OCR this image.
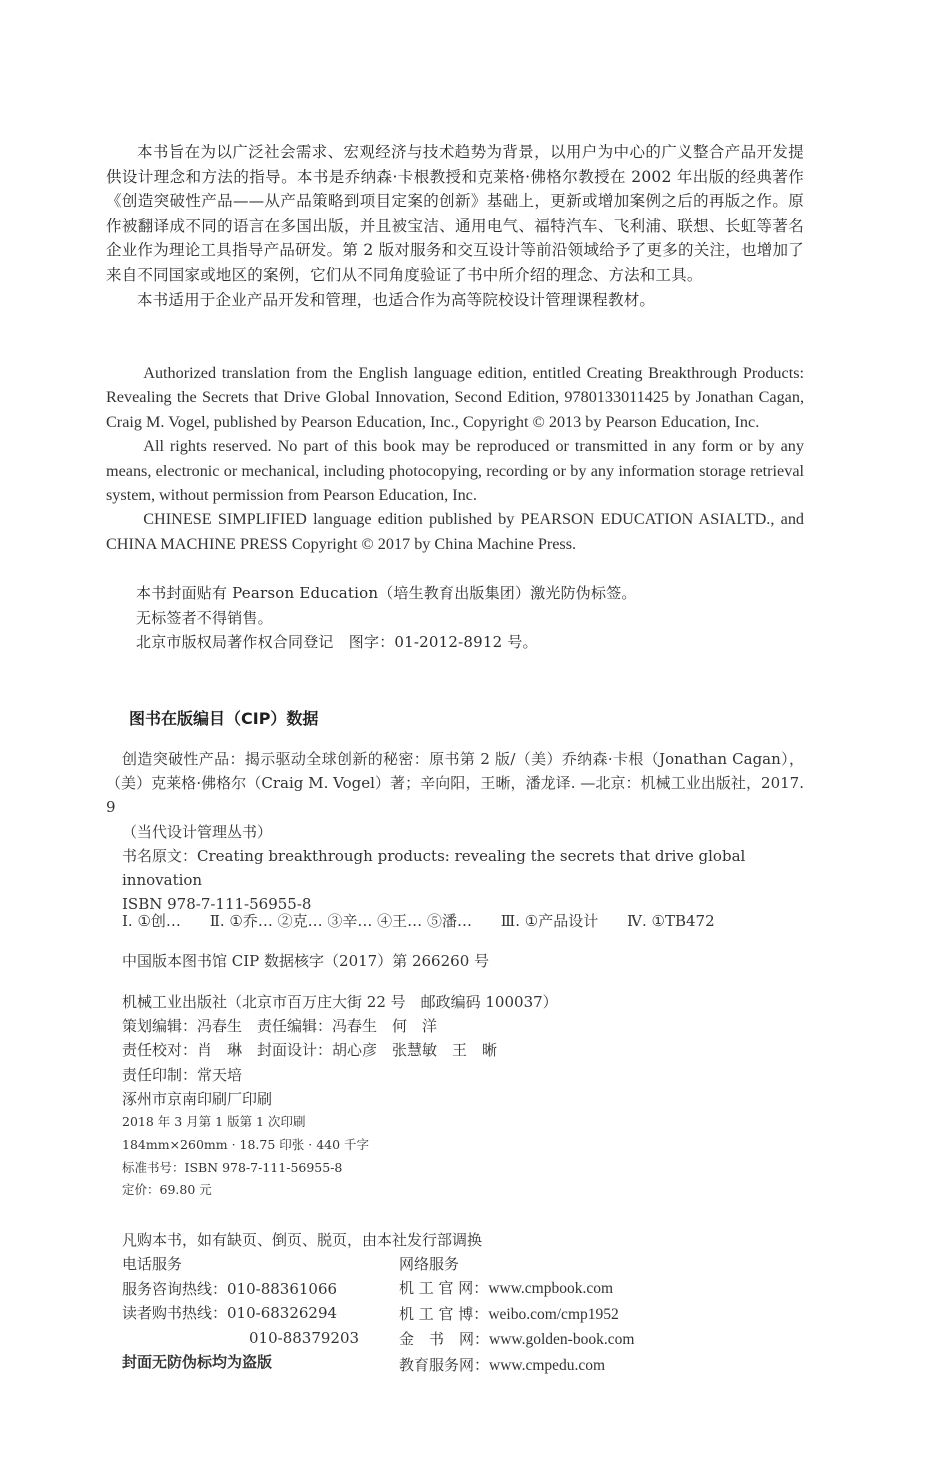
本书旨在为以广泛社会需求、宏观经济与技术趋势为背景，以用户为中心的广义整合产品开发提供设计理念和方法的指导。本书是乔纳森·卡根教授和克莱格·佛格尔教授在 2002 年出版的经典著作《创造突破性产品——从产品策略到项目定案的创新》基础上，更新或增加案例之后的再版之作。原作被翻译成不同的语言在多国出版，并且被宝洁、通用电气、福特汽车、飞利浦、联想、长虹等著名企业作为理论工具指导产品研发。第 2 版对服务和交互设计等前沿领域给予了更多的关注，也增加了来自不同国家或地区的案例，它们从不同角度验证了书中所介绍的理念、方法和工具。

本书适用于企业产品开发和管理，也适合作为高等院校设计管理课程教材。

Authorized translation from the English language edition, entitled Creating Breakthrough Products: Revealing the Secrets that Drive Global Innovation, Second Edition, 9780133011425 by Jonathan Cagan, Craig M. Vogel, published by Pearson Education, Inc., Copyright © 2013 by Pearson Education, Inc.

All rights reserved. No part of this book may be reproduced or transmitted in any form or by any means, electronic or mechanical, including photocopying, recording or by any information storage retrieval system, without permission from Pearson Education, Inc.

CHINESE SIMPLIFIED language edition published by PEARSON EDUCATION ASIALTD., and CHINA MACHINE PRESS Copyright © 2017 by China Machine Press.

本书封面贴有 Pearson Education（培生教育出版集团）激光防伪标签。

无标签者不得销售。

北京市版权局著作权合同登记　图字：01-2012-8912 号。

图书在版编目（CIP）数据
创造突破性产品：揭示驱动全球创新的秘密：原书第 2 版/（美）乔纳森·卡根（Jonathan Cagan），（美）克莱格·佛格尔（Craig M. Vogel）著；辛向阳，王晰，潘龙译. —北京：机械工业出版社，2017. 9
（当代设计管理丛书）
书名原文：Creating breakthrough products: revealing the secrets that drive global innovation
ISBN 978-7-111-56955-8
Ⅰ. ①创… Ⅱ. ①乔… ②克… ③辛… ④王… ⑤潘… Ⅲ. ①产品设计 Ⅳ. ①TB472
中国版本图书馆 CIP 数据核字（2017）第 266260 号
机械工业出版社（北京市百万庄大街 22 号　邮政编码 100037）
策划编辑：冯春生　责任编辑：冯春生　何　洋
责任校对：肖　琳　封面设计：胡心彦　张慧敏　王　晰
责任印制：常天培
涿州市京南印刷厂印刷
2018 年 3 月第 1 版第 1 次印刷
184mm×260mm · 18.75 印张 · 440 千字
标准书号：ISBN 978-7-111-56955-8
定价：69.80 元
凡购本书，如有缺页、倒页、脱页，由本社发行部调换
电话服务
服务咨询热线：010-88361066
读者购书热线：010-68326294
010-88379203
封面无防伪标均为盗版
网络服务
机 工 官 网：www.cmpbook.com
机 工 官 博：weibo.com/cmp1952
金　书　网：www.golden-book.com
教育服务网：www.cmpedu.com
